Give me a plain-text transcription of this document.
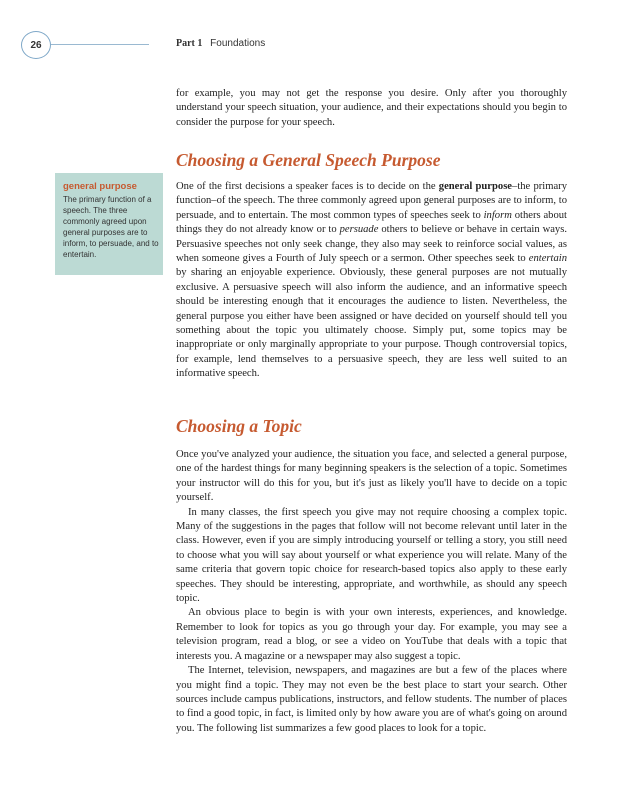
26	Part 1 Foundations
general purpose
The primary function of a speech. The three commonly agreed upon general purposes are to inform, to persuade, and to entertain.

for example, you may not get the response you desire. Only after you thoroughly understand your speech situation, your audience, and their expectations should you begin to consider the purpose for your speech.

Choosing a General Speech Purpose

One of the first decisions a speaker faces is to decide on the general purpose–the primary function–of the speech. The three commonly agreed upon general purposes are to inform, to persuade, and to entertain. The most common types of speeches seek to inform others about things they do not already know or to persuade others to believe or behave in certain ways. Persuasive speeches not only seek change, they also may seek to reinforce social values, as when someone gives a Fourth of July speech or a sermon. Other speeches seek to entertain by sharing an enjoyable experience. Obviously, these general purposes are not mutually exclusive. A persuasive speech will also inform the audience, and an informative speech should be interesting enough that it encourages the audience to listen. Nevertheless, the general purpose you either have been assigned or have decided on yourself should tell you something about the topic you ultimately choose. Simply put, some topics may be inappropriate or only marginally appropriate to your purpose. Though controversial topics, for example, lend themselves to a persuasive speech, they are less well suited to an informative speech.

Choosing a Topic

Once you've analyzed your audience, the situation you face, and selected a general purpose, one of the hardest things for many beginning speakers is the selection of a topic. Sometimes your instructor will do this for you, but it's just as likely you'll have to decide on a topic yourself.

In many classes, the first speech you give may not require choosing a complex topic. Many of the suggestions in the pages that follow will not become relevant until later in the class. However, even if you are simply introducing yourself or telling a story, you still need to choose what you will say about yourself or what experience you will relate. Many of the same criteria that govern topic choice for research-based topics also apply to these early speeches. They should be interesting, appropriate, and worthwhile, as should any speech topic.

An obvious place to begin is with your own interests, experiences, and knowledge. Remember to look for topics as you go through your day. For example, you may see a television program, read a blog, or see a video on YouTube that deals with a topic that interests you. A magazine or a newspaper may also suggest a topic.

The Internet, television, newspapers, and magazines are but a few of the places where you might find a topic. They may not even be the best place to start your search. Other sources include campus publications, instructors, and fellow students. The number of places to find a good topic, in fact, is limited only by how aware you are of what's going on around you. The following list summarizes a few good places to look for a topic.
